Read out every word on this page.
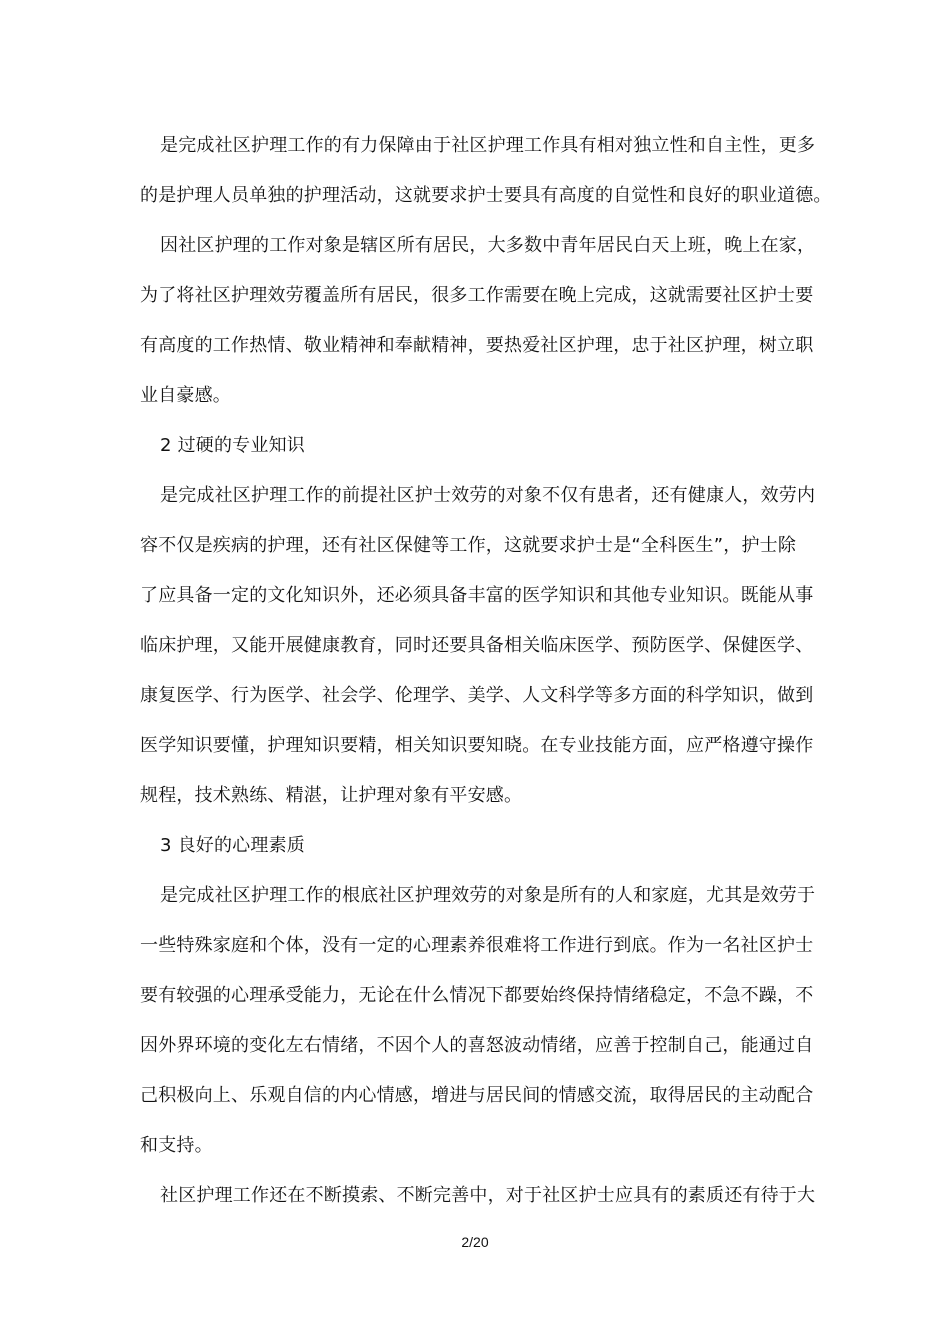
是完成社区护理工作的有力保障由于社区护理工作具有相对独立性和自主性，更多
的是护理人员单独的护理活动，这就要求护士要具有高度的自觉性和良好的职业道德。
因社区护理的工作对象是辖区所有居民，大多数中青年居民白天上班，晚上在家，
为了将社区护理效劳覆盖所有居民，很多工作需要在晚上完成，这就需要社区护士要
有高度的工作热情、敬业精神和奉献精神，要热爱社区护理，忠于社区护理，树立职
业自豪感。
2 过硬的专业知识
是完成社区护理工作的前提社区护士效劳的对象不仅有患者，还有健康人，效劳内
容不仅是疾病的护理，还有社区保健等工作，这就要求护士是“全科医生”，护士除
了应具备一定的文化知识外，还必须具备丰富的医学知识和其他专业知识。既能从事
临床护理，又能开展健康教育，同时还要具备相关临床医学、预防医学、保健医学、
康复医学、行为医学、社会学、伦理学、美学、人文科学等多方面的科学知识，做到
医学知识要懂，护理知识要精，相关知识要知晓。在专业技能方面，应严格遵守操作
规程，技术熟练、精湛，让护理对象有平安感。
3 良好的心理素质
是完成社区护理工作的根底社区护理效劳的对象是所有的人和家庭，尤其是效劳于
一些特殊家庭和个体，没有一定的心理素养很难将工作进行到底。作为一名社区护士
要有较强的心理承受能力，无论在什么情况下都要始终保持情绪稳定，不急不躁，不
因外界环境的变化左右情绪，不因个人的喜怒波动情绪，应善于控制自己，能通过自
己积极向上、乐观自信的内心情感，增进与居民间的情感交流，取得居民的主动配合
和支持。
社区护理工作还在不断摸索、不断完善中，对于社区护士应具有的素质还有待于大
2/20
